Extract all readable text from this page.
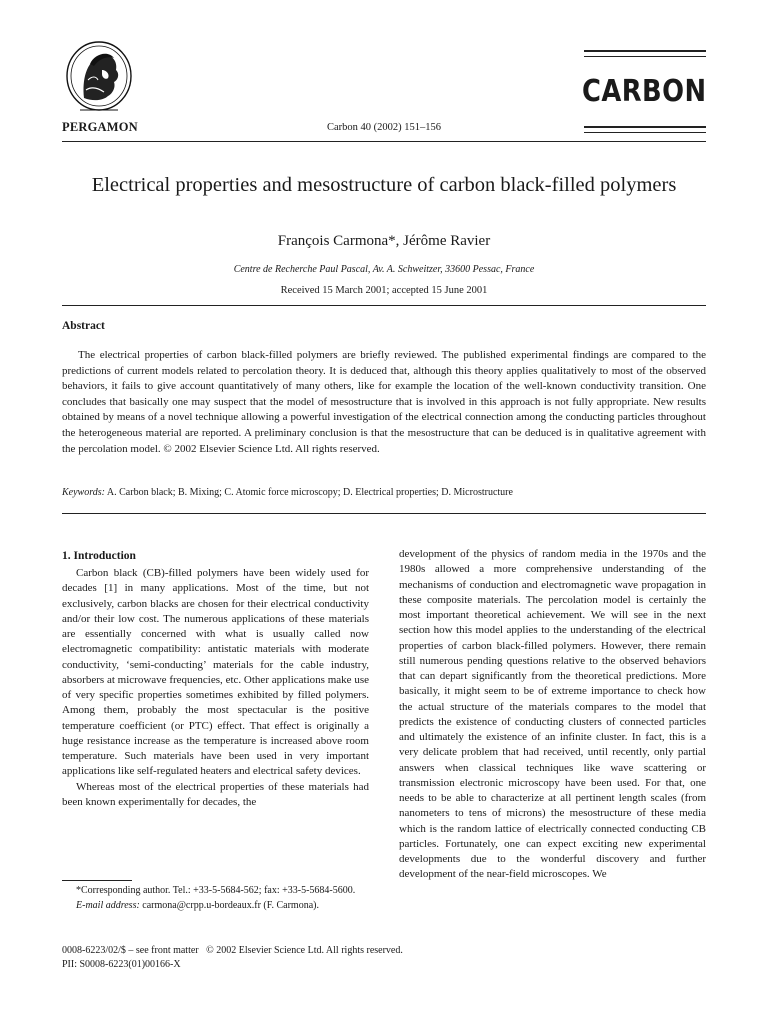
PERGAMON	Carbon 40 (2002) 151–156
CARBON
Electrical properties and mesostructure of carbon black-filled polymers
François Carmona*, Jérôme Ravier
Centre de Recherche Paul Pascal, Av. A. Schweitzer, 33600 Pessac, France
Received 15 March 2001; accepted 15 June 2001
Abstract

The electrical properties of carbon black-filled polymers are briefly reviewed. The published experimental findings are compared to the predictions of current models related to percolation theory. It is deduced that, although this theory applies qualitatively to most of the observed behaviors, it fails to give account quantitatively of many others, like for example the location of the well-known conductivity transition. One concludes that basically one may suspect that the model of mesostructure that is involved in this approach is not fully appropriate. New results obtained by means of a novel technique allowing a powerful investigation of the electrical connection among the conducting particles throughout the heterogeneous material are reported. A preliminary conclusion is that the mesostructure that can be deduced is in qualitative agreement with the percolation model. © 2002 Elsevier Science Ltd. All rights reserved.

Keywords: A. Carbon black; B. Mixing; C. Atomic force microscopy; D. Electrical properties; D. Microstructure
1. Introduction

Carbon black (CB)-filled polymers have been widely used for decades [1] in many applications. Most of the time, but not exclusively, carbon blacks are chosen for their electrical conductivity and/or their low cost. The numerous applications of these materials are essentially concerned with what is usually called now electromagnetic compatibility: antistatic materials with moderate conductivity, ‘semi-conducting’ materials for the cable industry, absorbers at microwave frequencies, etc. Other applications make use of very specific properties sometimes exhibited by filled polymers. Among them, probably the most spectacular is the positive temperature coefficient (or PTC) effect. That effect is originally a huge resistance increase as the temperature is increased above room temperature. Such materials have been used in very important applications like self-regulated heaters and electrical safety devices.

Whereas most of the electrical properties of these materials had been known experimentally for decades, the

development of the physics of random media in the 1970s and the 1980s allowed a more comprehensive understanding of the mechanisms of conduction and electromagnetic wave propagation in these composite materials. The percolation model is certainly the most important theoretical achievement. We will see in the next section how this model applies to the understanding of the electrical properties of carbon black-filled polymers. However, there remain still numerous pending questions relative to the observed behaviors that can depart significantly from the theoretical predictions. More basically, it might seem to be of extreme importance to check how the actual structure of the materials compares to the model that predicts the existence of conducting clusters of connected particles and ultimately the existence of an infinite cluster. In fact, this is a very delicate problem that had received, until recently, only partial answers when classical techniques like wave scattering or transmission electronic microscopy have been used. For that, one needs to be able to characterize at all pertinent length scales (from nanometers to tens of microns) the mesostructure of these media which is the random lattice of electrically connected conducting CB particles. Fortunately, one can expect exciting new experimental developments due to the wonderful discovery and further development of the near-field microscopes. We

*Corresponding author. Tel.: +33-5-5684-562; fax: +33-5-5684-5600.

E-mail address: carmona@crpp.u-bordeaux.fr (F. Carmona).

0008-6223/02/$ – see front matter   © 2002 Elsevier Science Ltd. All rights reserved.
PII: S0008-6223(01)00166-X
